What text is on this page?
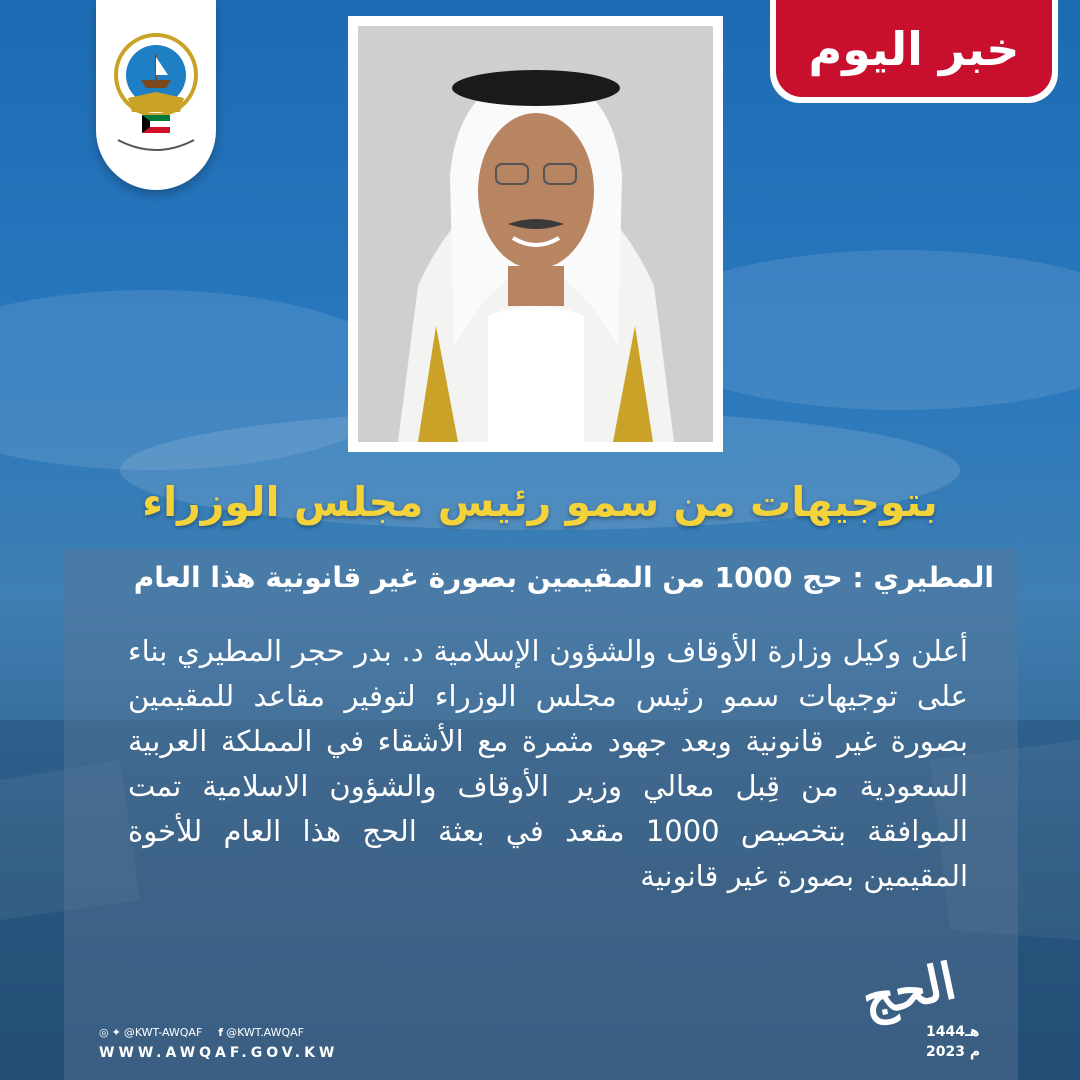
خبر اليوم
بتوجيهات من سمو رئيس مجلس الوزراء
المطيري : حج 1000 من المقيمين بصورة غير قانونية هذا العام
أعلن وكيل وزارة الأوقاف والشؤون الإسلامية د. بدر حجر المطيري بناء على توجيهات سمو رئيس مجلس الوزراء لتوفير مقاعد للمقيمين بصورة غير قانونية وبعد جهود مثمرة مع الأشقاء في المملكة العربية السعودية من قِبل معالي وزير الأوقاف والشؤون الاسلامية تمت الموافقة بتخصيص 1000 مقعد في بعثة الحج هذا العام للأخوة المقيمين بصورة غير قانونية
الحج
1444هـ
2023 م
◎ ✦ @KWT-AWQAF f @KWT.AWQAF
WWW.AWQAF.GOV.KW
